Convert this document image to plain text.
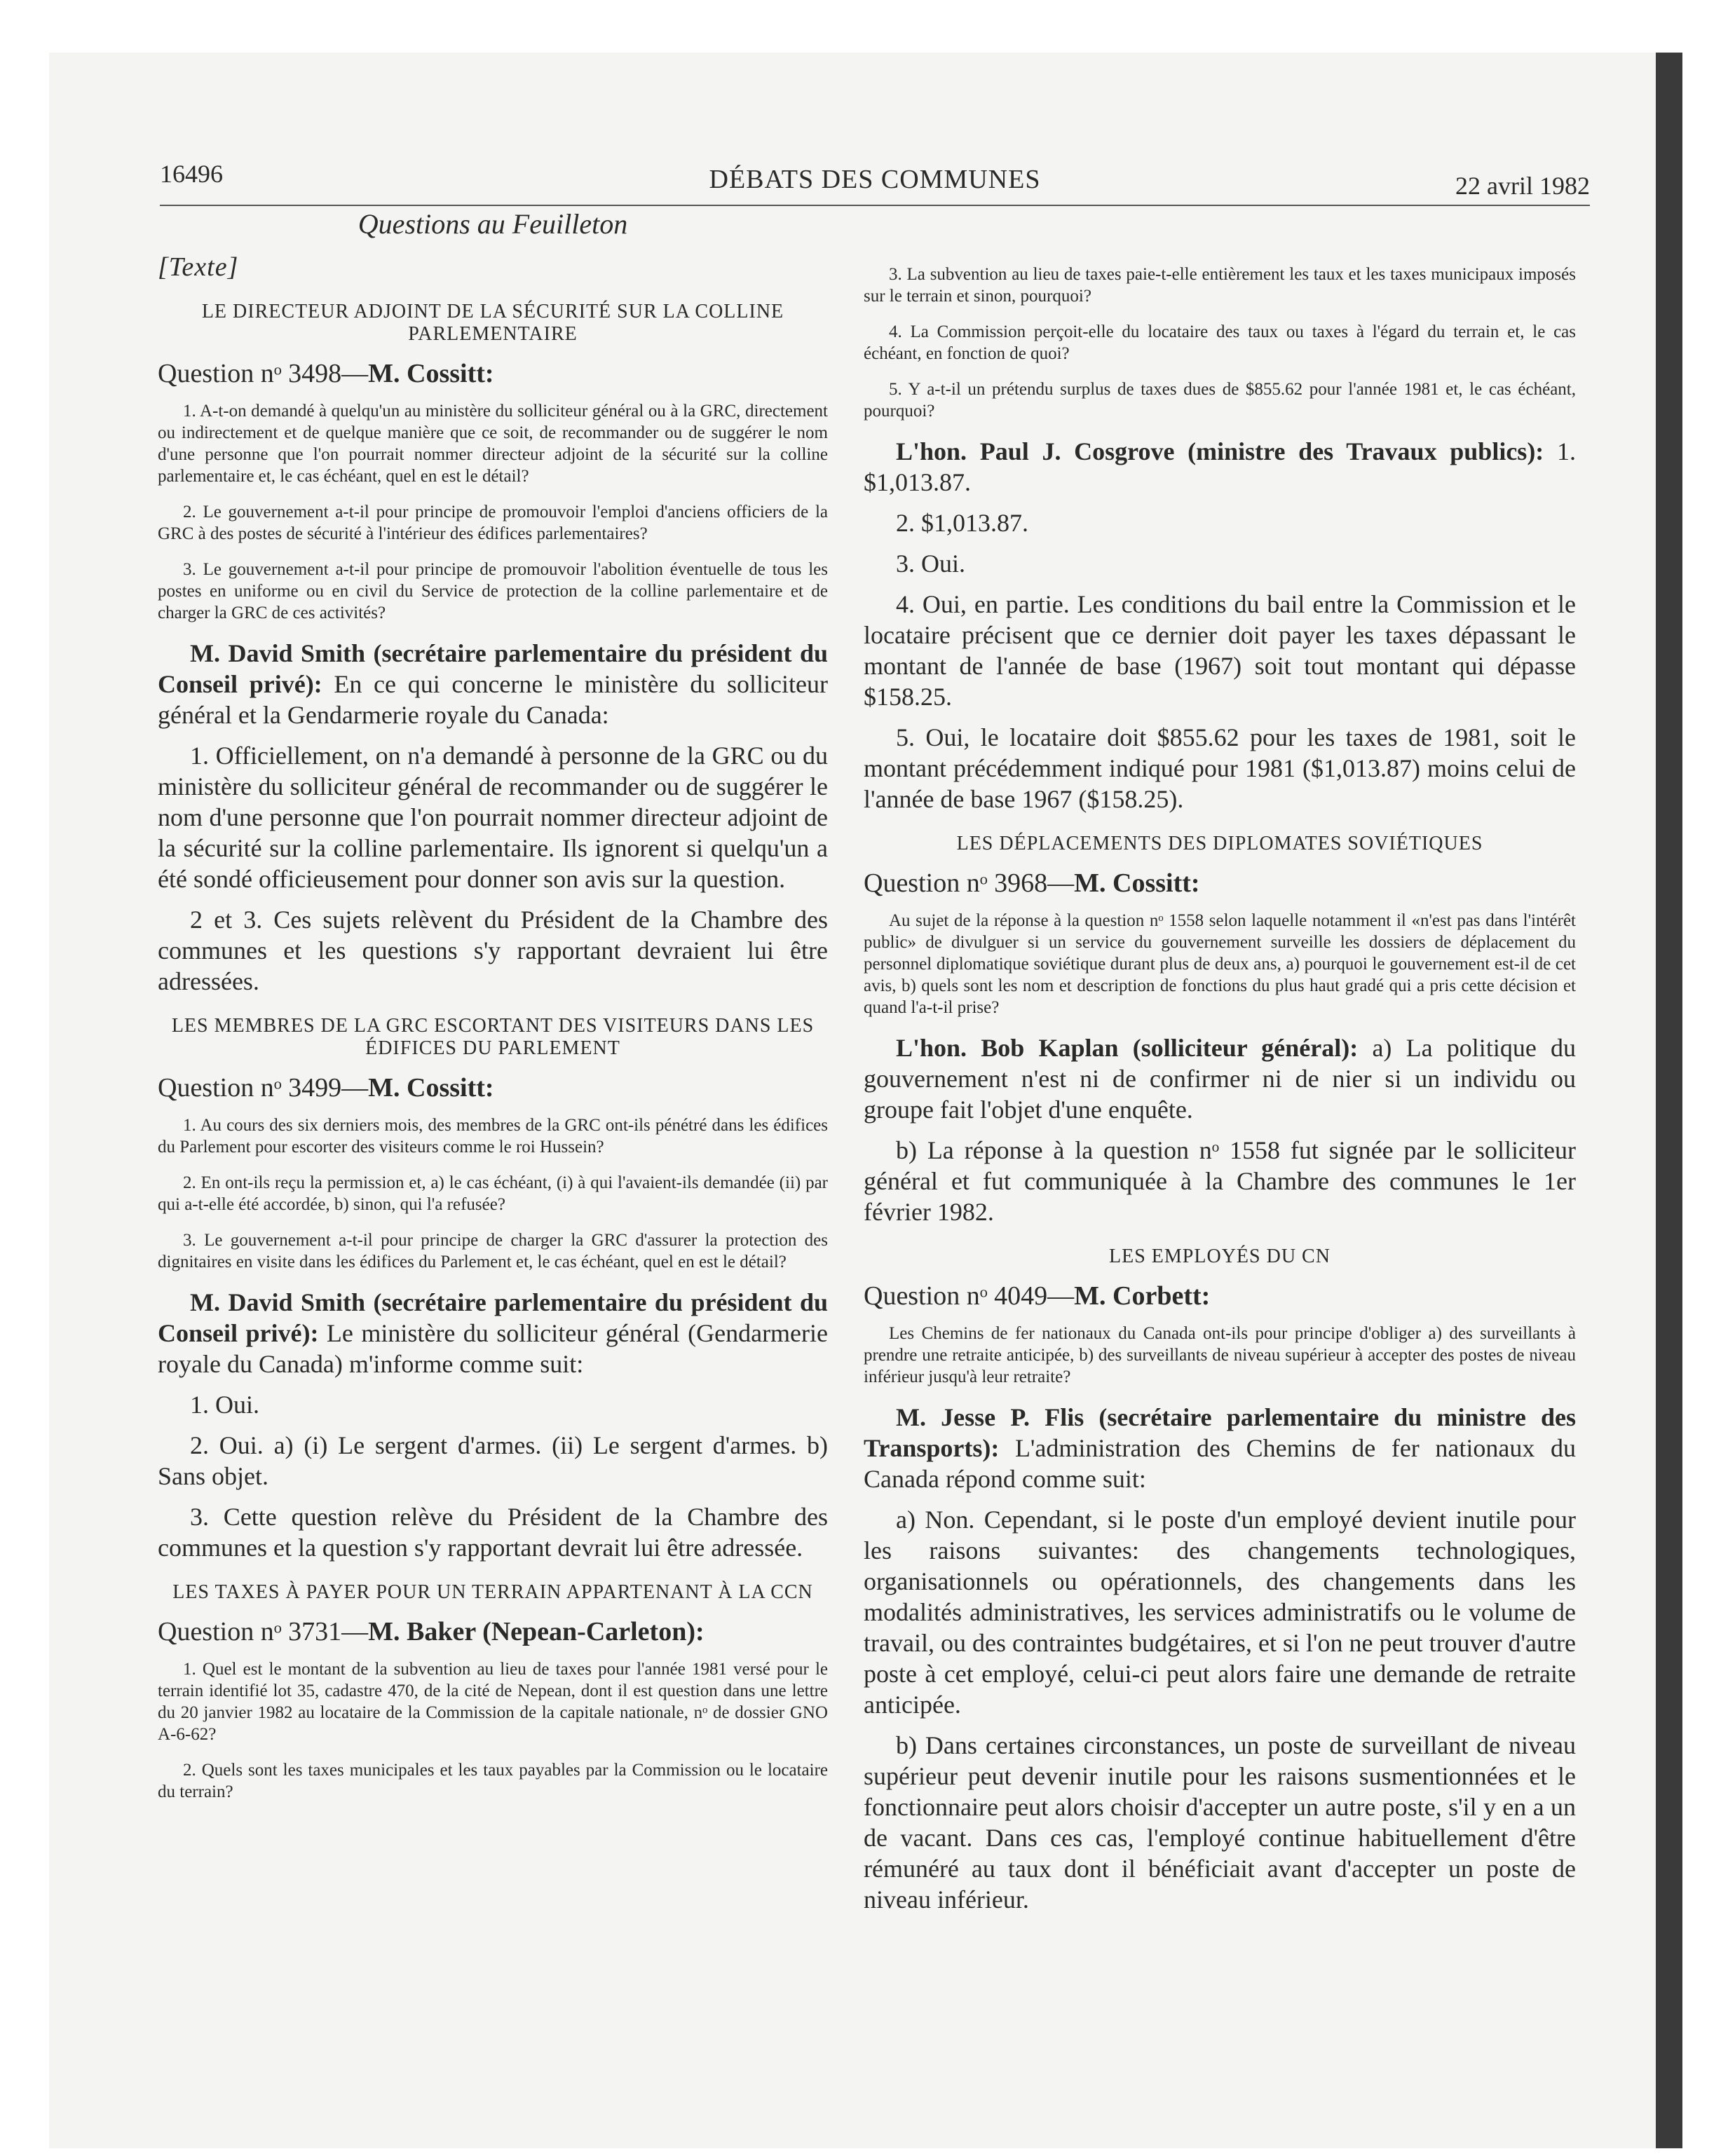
16496	DÉBATS DES COMMUNES	22 avril 1982
Questions au Feuilleton
[Texte]
LE DIRECTEUR ADJOINT DE LA SÉCURITÉ SUR LA COLLINE PARLEMENTAIRE
Question nᵒ 3498—M. Cossitt:

1. A-t-on demandé à quelqu'un au ministère du solliciteur général ou à la GRC, directement ou indirectement et de quelque manière que ce soit, de recommander ou de suggérer le nom d'une personne que l'on pourrait nommer directeur adjoint de la sécurité sur la colline parlementaire et, le cas échéant, quel en est le détail?

2. Le gouvernement a-t-il pour principe de promouvoir l'emploi d'anciens officiers de la GRC à des postes de sécurité à l'intérieur des édifices parlementaires?

3. Le gouvernement a-t-il pour principe de promouvoir l'abolition éventuelle de tous les postes en uniforme ou en civil du Service de protection de la colline parlementaire et de charger la GRC de ces activités?

M. David Smith (secrétaire parlementaire du président du Conseil privé): En ce qui concerne le ministère du solliciteur général et la Gendarmerie royale du Canada:

1. Officiellement, on n'a demandé à personne de la GRC ou du ministère du solliciteur général de recommander ou de suggérer le nom d'une personne que l'on pourrait nommer directeur adjoint de la sécurité sur la colline parlementaire. Ils ignorent si quelqu'un a été sondé officieusement pour donner son avis sur la question.

2 et 3. Ces sujets relèvent du Président de la Chambre des communes et les questions s'y rapportant devraient lui être adressées.

LES MEMBRES DE LA GRC ESCORTANT DES VISITEURS DANS LES ÉDIFICES DU PARLEMENT
Question nᵒ 3499—M. Cossitt:

1. Au cours des six derniers mois, des membres de la GRC ont-ils pénétré dans les édifices du Parlement pour escorter des visiteurs comme le roi Hussein?

2. En ont-ils reçu la permission et, a) le cas échéant, (i) à qui l'avaient-ils demandée (ii) par qui a-t-elle été accordée, b) sinon, qui l'a refusée?

3. Le gouvernement a-t-il pour principe de charger la GRC d'assurer la protection des dignitaires en visite dans les édifices du Parlement et, le cas échéant, quel en est le détail?

M. David Smith (secrétaire parlementaire du président du Conseil privé): Le ministère du solliciteur général (Gendarmerie royale du Canada) m'informe comme suit:

1. Oui.

2. Oui. a) (i) Le sergent d'armes. (ii) Le sergent d'armes. b) Sans objet.

3. Cette question relève du Président de la Chambre des communes et la question s'y rapportant devrait lui être adressée.

LES TAXES À PAYER POUR UN TERRAIN APPARTENANT À LA CCN
Question nᵒ 3731—M. Baker (Nepean-Carleton):

1. Quel est le montant de la subvention au lieu de taxes pour l'année 1981 versé pour le terrain identifié lot 35, cadastre 470, de la cité de Nepean, dont il est question dans une lettre du 20 janvier 1982 au locataire de la Commission de la capitale nationale, nᵒ de dossier GNO A-6-62?

2. Quels sont les taxes municipales et les taux payables par la Commission ou le locataire du terrain?

3. La subvention au lieu de taxes paie-t-elle entièrement les taux et les taxes municipaux imposés sur le terrain et sinon, pourquoi?

4. La Commission perçoit-elle du locataire des taux ou taxes à l'égard du terrain et, le cas échéant, en fonction de quoi?

5. Y a-t-il un prétendu surplus de taxes dues de $855.62 pour l'année 1981 et, le cas échéant, pourquoi?

L'hon. Paul J. Cosgrove (ministre des Travaux publics): 1. $1,013.87.

2. $1,013.87.

3. Oui.

4. Oui, en partie. Les conditions du bail entre la Commission et le locataire précisent que ce dernier doit payer les taxes dépassant le montant de l'année de base (1967) soit tout montant qui dépasse $158.25.

5. Oui, le locataire doit $855.62 pour les taxes de 1981, soit le montant précédemment indiqué pour 1981 ($1,013.87) moins celui de l'année de base 1967 ($158.25).

LES DÉPLACEMENTS DES DIPLOMATES SOVIÉTIQUES
Question nᵒ 3968—M. Cossitt:

Au sujet de la réponse à la question nᵒ 1558 selon laquelle notamment il «n'est pas dans l'intérêt public» de divulguer si un service du gouvernement surveille les dossiers de déplacement du personnel diplomatique soviétique durant plus de deux ans, a) pourquoi le gouvernement est-il de cet avis, b) quels sont les nom et description de fonctions du plus haut gradé qui a pris cette décision et quand l'a-t-il prise?

L'hon. Bob Kaplan (solliciteur général): a) La politique du gouvernement n'est ni de confirmer ni de nier si un individu ou groupe fait l'objet d'une enquête.

b) La réponse à la question nᵒ 1558 fut signée par le solliciteur général et fut communiquée à la Chambre des communes le 1er février 1982.

LES EMPLOYÉS DU CN
Question nᵒ 4049—M. Corbett:

Les Chemins de fer nationaux du Canada ont-ils pour principe d'obliger a) des surveillants à prendre une retraite anticipée, b) des surveillants de niveau supérieur à accepter des postes de niveau inférieur jusqu'à leur retraite?

M. Jesse P. Flis (secrétaire parlementaire du ministre des Transports): L'administration des Chemins de fer nationaux du Canada répond comme suit:

a) Non. Cependant, si le poste d'un employé devient inutile pour les raisons suivantes: des changements technologiques, organisationnels ou opérationnels, des changements dans les modalités administratives, les services administratifs ou le volume de travail, ou des contraintes budgétaires, et si l'on ne peut trouver d'autre poste à cet employé, celui-ci peut alors faire une demande de retraite anticipée.

b) Dans certaines circonstances, un poste de surveillant de niveau supérieur peut devenir inutile pour les raisons susmentionnées et le fonctionnaire peut alors choisir d'accepter un autre poste, s'il y en a un de vacant. Dans ces cas, l'employé continue habituellement d'être rémunéré au taux dont il bénéficiait avant d'accepter un poste de niveau inférieur.
